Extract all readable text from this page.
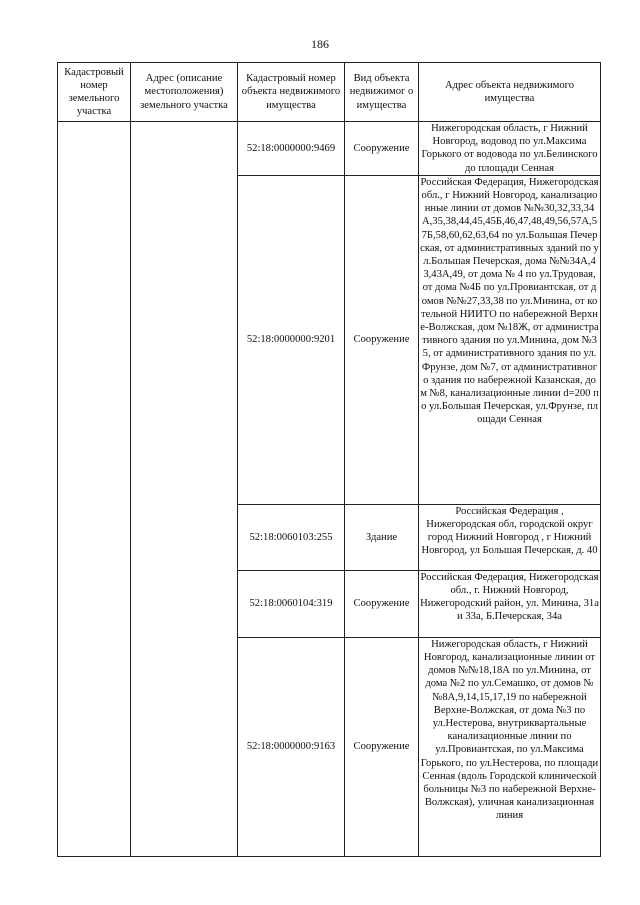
186
Кадастровый номер земельного участка	Адрес (описание местоположения) земельного участка	Кадастровый номер объекта недвижимого имущества	Вид объекта недвижимог о имущества	Адрес объекта недвижимого имущества
		52:18:0000000:9469	Сооружение	Нижегородская область, г Нижний Новгород, водовод по ул.Максима Горького от водовода по ул.Белинского до площади Сенная
		52:18:0000000:9201	Сооружение	Российская Федерация, Нижегородская обл., г Нижний Новгород, канализационные линии от домов №№30,32,33,34А,35,38,44,45,45Б,46,47,48,49,56,57А,57Б,58,60,62,63,64 по ул.Большая Печерская, от административных зданий по ул.Большая Печерская, дома №№34А,43,43А,49, от дома № 4 по ул.Трудовая, от дома №4Б по ул.Провиантская, от домов №№27,33,38 по ул.Минина, от котельной НИИТО по набережной Верхне-Волжская, дом №18Ж, от административного здания по ул.Минина, дом №35, от административного здания по ул.Фрунзе, дом №7, от административного здания по набережной Казанская, дом №8, канализационные линии d=200 по ул.Большая Печерская, ул.Фрунзе, площади Сенная
		52:18:0060103:255	Здание	Российская Федерация , Нижегородская обл, городской округ город Нижний Новгород , г Нижний Новгород, ул Большая Печерская, д. 40
		52:18:0060104:319	Сооружение	Российская Федерация, Нижегородская обл., г. Нижний Новгород, Нижегородский район, ул. Минина, 31а и 33а, Б.Печерская, 34а
		52:18:0000000:9163	Сооружение	Нижегородская область, г Нижний Новгород, канализационные линии от домов №№18,18А по ул.Минина, от дома №2 по ул.Семашко, от домов №№8А,9,14,15,17,19 по набережной Верхне-Волжская, от дома №3 по ул.Нестерова, внутриквартальные канализационные линии по ул.Провиантская, по ул.Максима Горького, по ул.Нестерова, по площади Сенная (вдоль Городской клинической больницы №3 по набережной Верхне-Волжская), уличная канализационная линия
